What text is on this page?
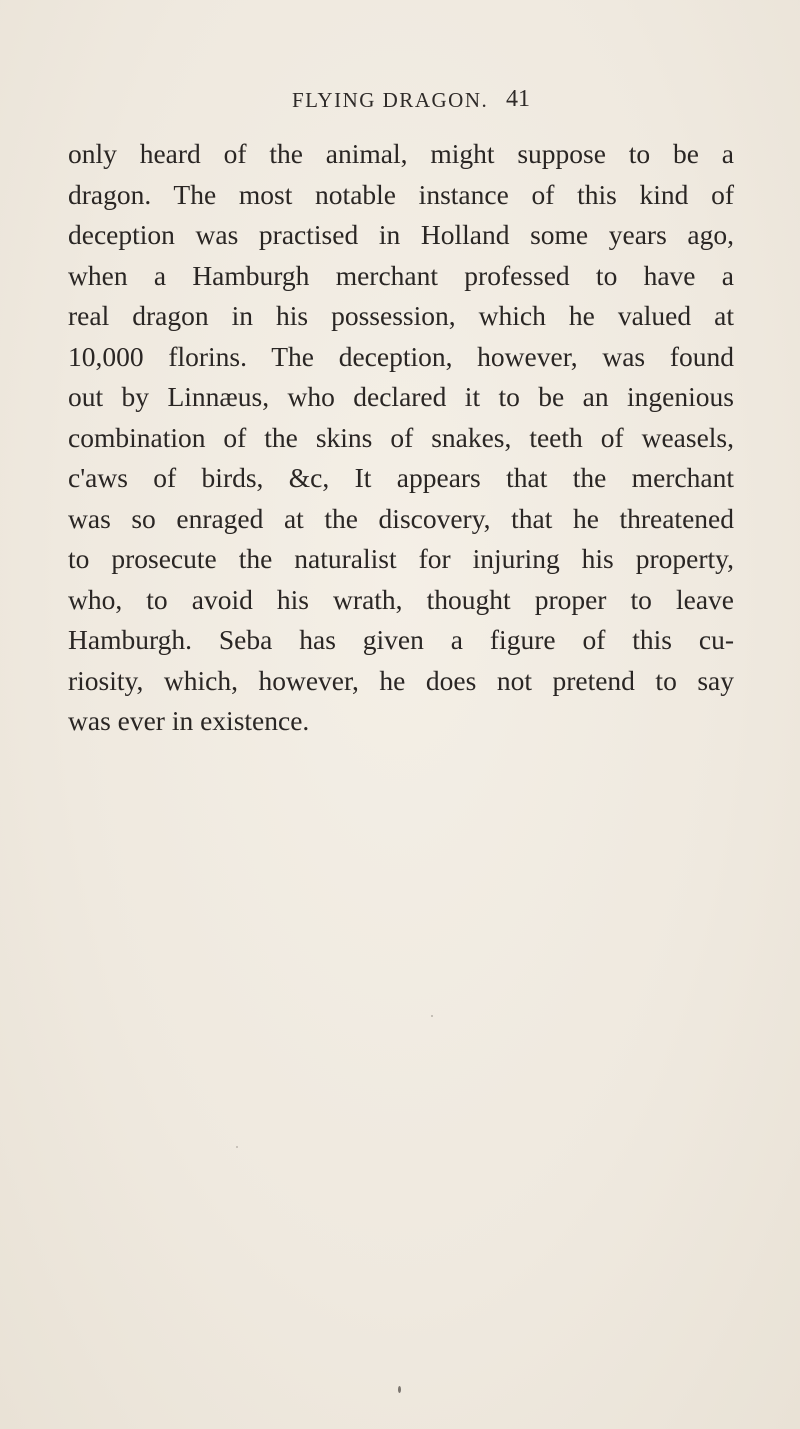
FLYING DRAGON. 41
only heard of the animal, might suppose to be a
dragon. The most notable instance of this kind of
deception was practised in Holland some years ago,
when a Hamburgh merchant professed to have a
real dragon in his possession, which he valued at
10,000 florins. The deception, however, was found
out by Linnæus, who declared it to be an ingenious
combination of the skins of snakes, teeth of weasels,
c'aws of birds, &c, It appears that the merchant
was so enraged at the discovery, that he threatened
to prosecute the naturalist for injuring his property,
who, to avoid his wrath, thought proper to leave
Hamburgh. Seba has given a figure of this cu-
riosity, which, however, he does not pretend to say
was ever in existence.
